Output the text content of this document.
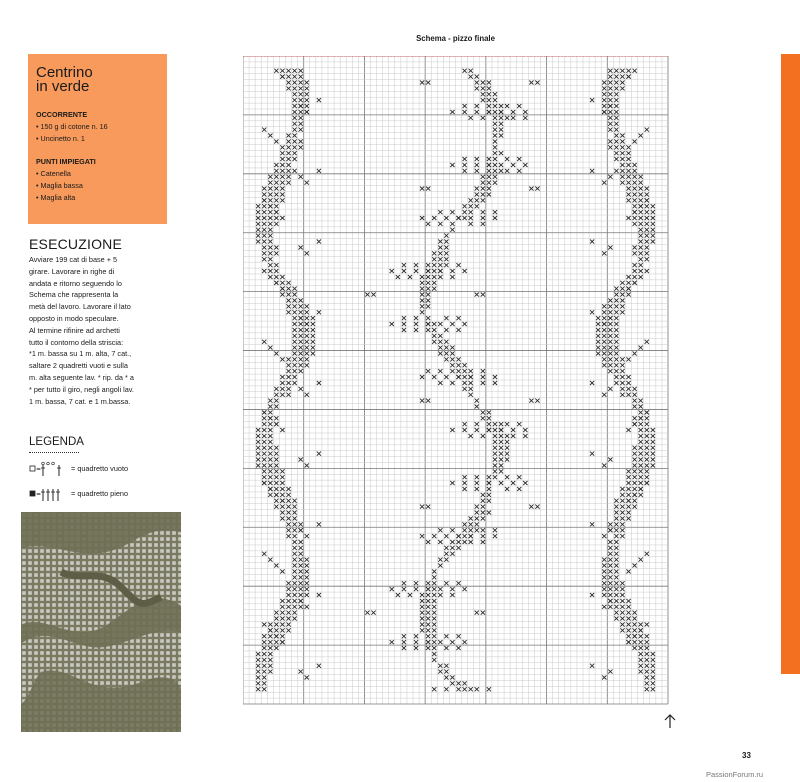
Centrino
in verde
OCCORRENTE
• 150 g di cotone n. 16
• Uncinetto n. 1
PUNTI IMPIEGATI
• Catenella
• Maglia bassa
• Maglia alta
ESECUZIONE
Avviare 199 cat di base + 5
girare. Lavorare in righe di
andata e ritorno seguendo lo
Schema che rappresenta la
metà del lavoro. Lavorare il lato
opposto in modo speculare.
Al termine rifinire ad archetti
tutto il contorno della striscia:
*1 m. bassa su 1 m. alta, 7 cat.,
saltare 2 quadretti vuoti e sulla
m. alta seguente lav. * rip. da * a
* per tutto il giro, negli angoli lav.
1 m. bassa, 7 cat. e 1 m.bassa.
LEGENDA
=	= quadretto vuoto
=	= quadretto pieno
Schema - pizzo finale
33
PassionForum.ru
